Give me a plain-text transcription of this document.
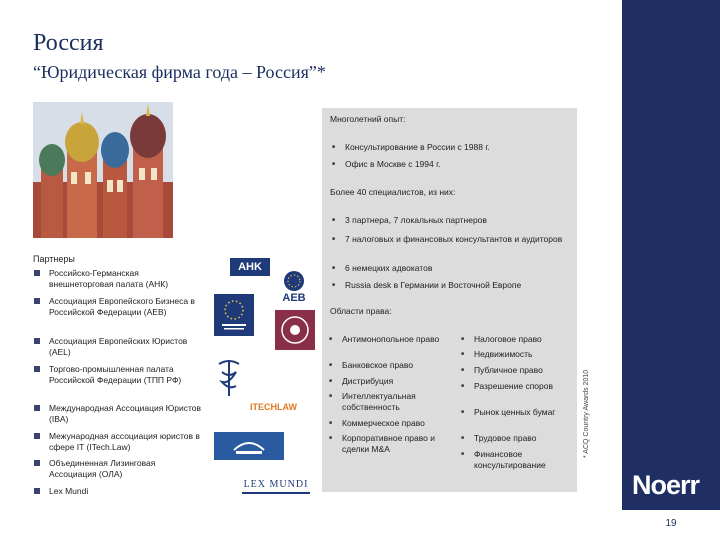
Россия
“Юридическая фирма года – Россия”*
Noerr
19
* ACQ Country Awards 2010
Многолетний опыт:
■ Консультирование в России с 1988 г.
■ Офис в Москве с 1994 г.
Более 40 специалистов, из них:
■ 3 партнера, 7 локальных партнеров
■ 7 налоговых и финансовых консультантов и аудиторов
■ 6 немецких адвокатов
■ Russia desk в Германии и Восточной Европе
Области права:
■ Антимонопольное право
■ Банковское право
■ Дистрибуция
■ Интеллектуальная собственность
■ Коммерческое право
■ Корпоративное право и сделки M&A
■ Налоговое право
■ Недвижимость
■ Публичное право
■ Разрешение споров
■ Рынок ценных бумаг
■ Трудовое право
■ Финансовое консультирование
Партнеры
Российско-Германская внешнеторговая палата (АНК)
Ассоциация Европейского Бизнеса в Российской Федерации (AEB)
Ассоциация Европейских Юристов (AEL)
Торгово-промышленная палата Российской Федерации (ТПП РФ)
Международная Ассоциация Юристов (IBA)
Межународная ассоциация юристов в сфере IT (ITech.Law)
Объединенная Лизинговая Ассоциация (ОЛА)
Lex Mundi
AHK
AEB
ITECHLAW
LEX MUNDI
